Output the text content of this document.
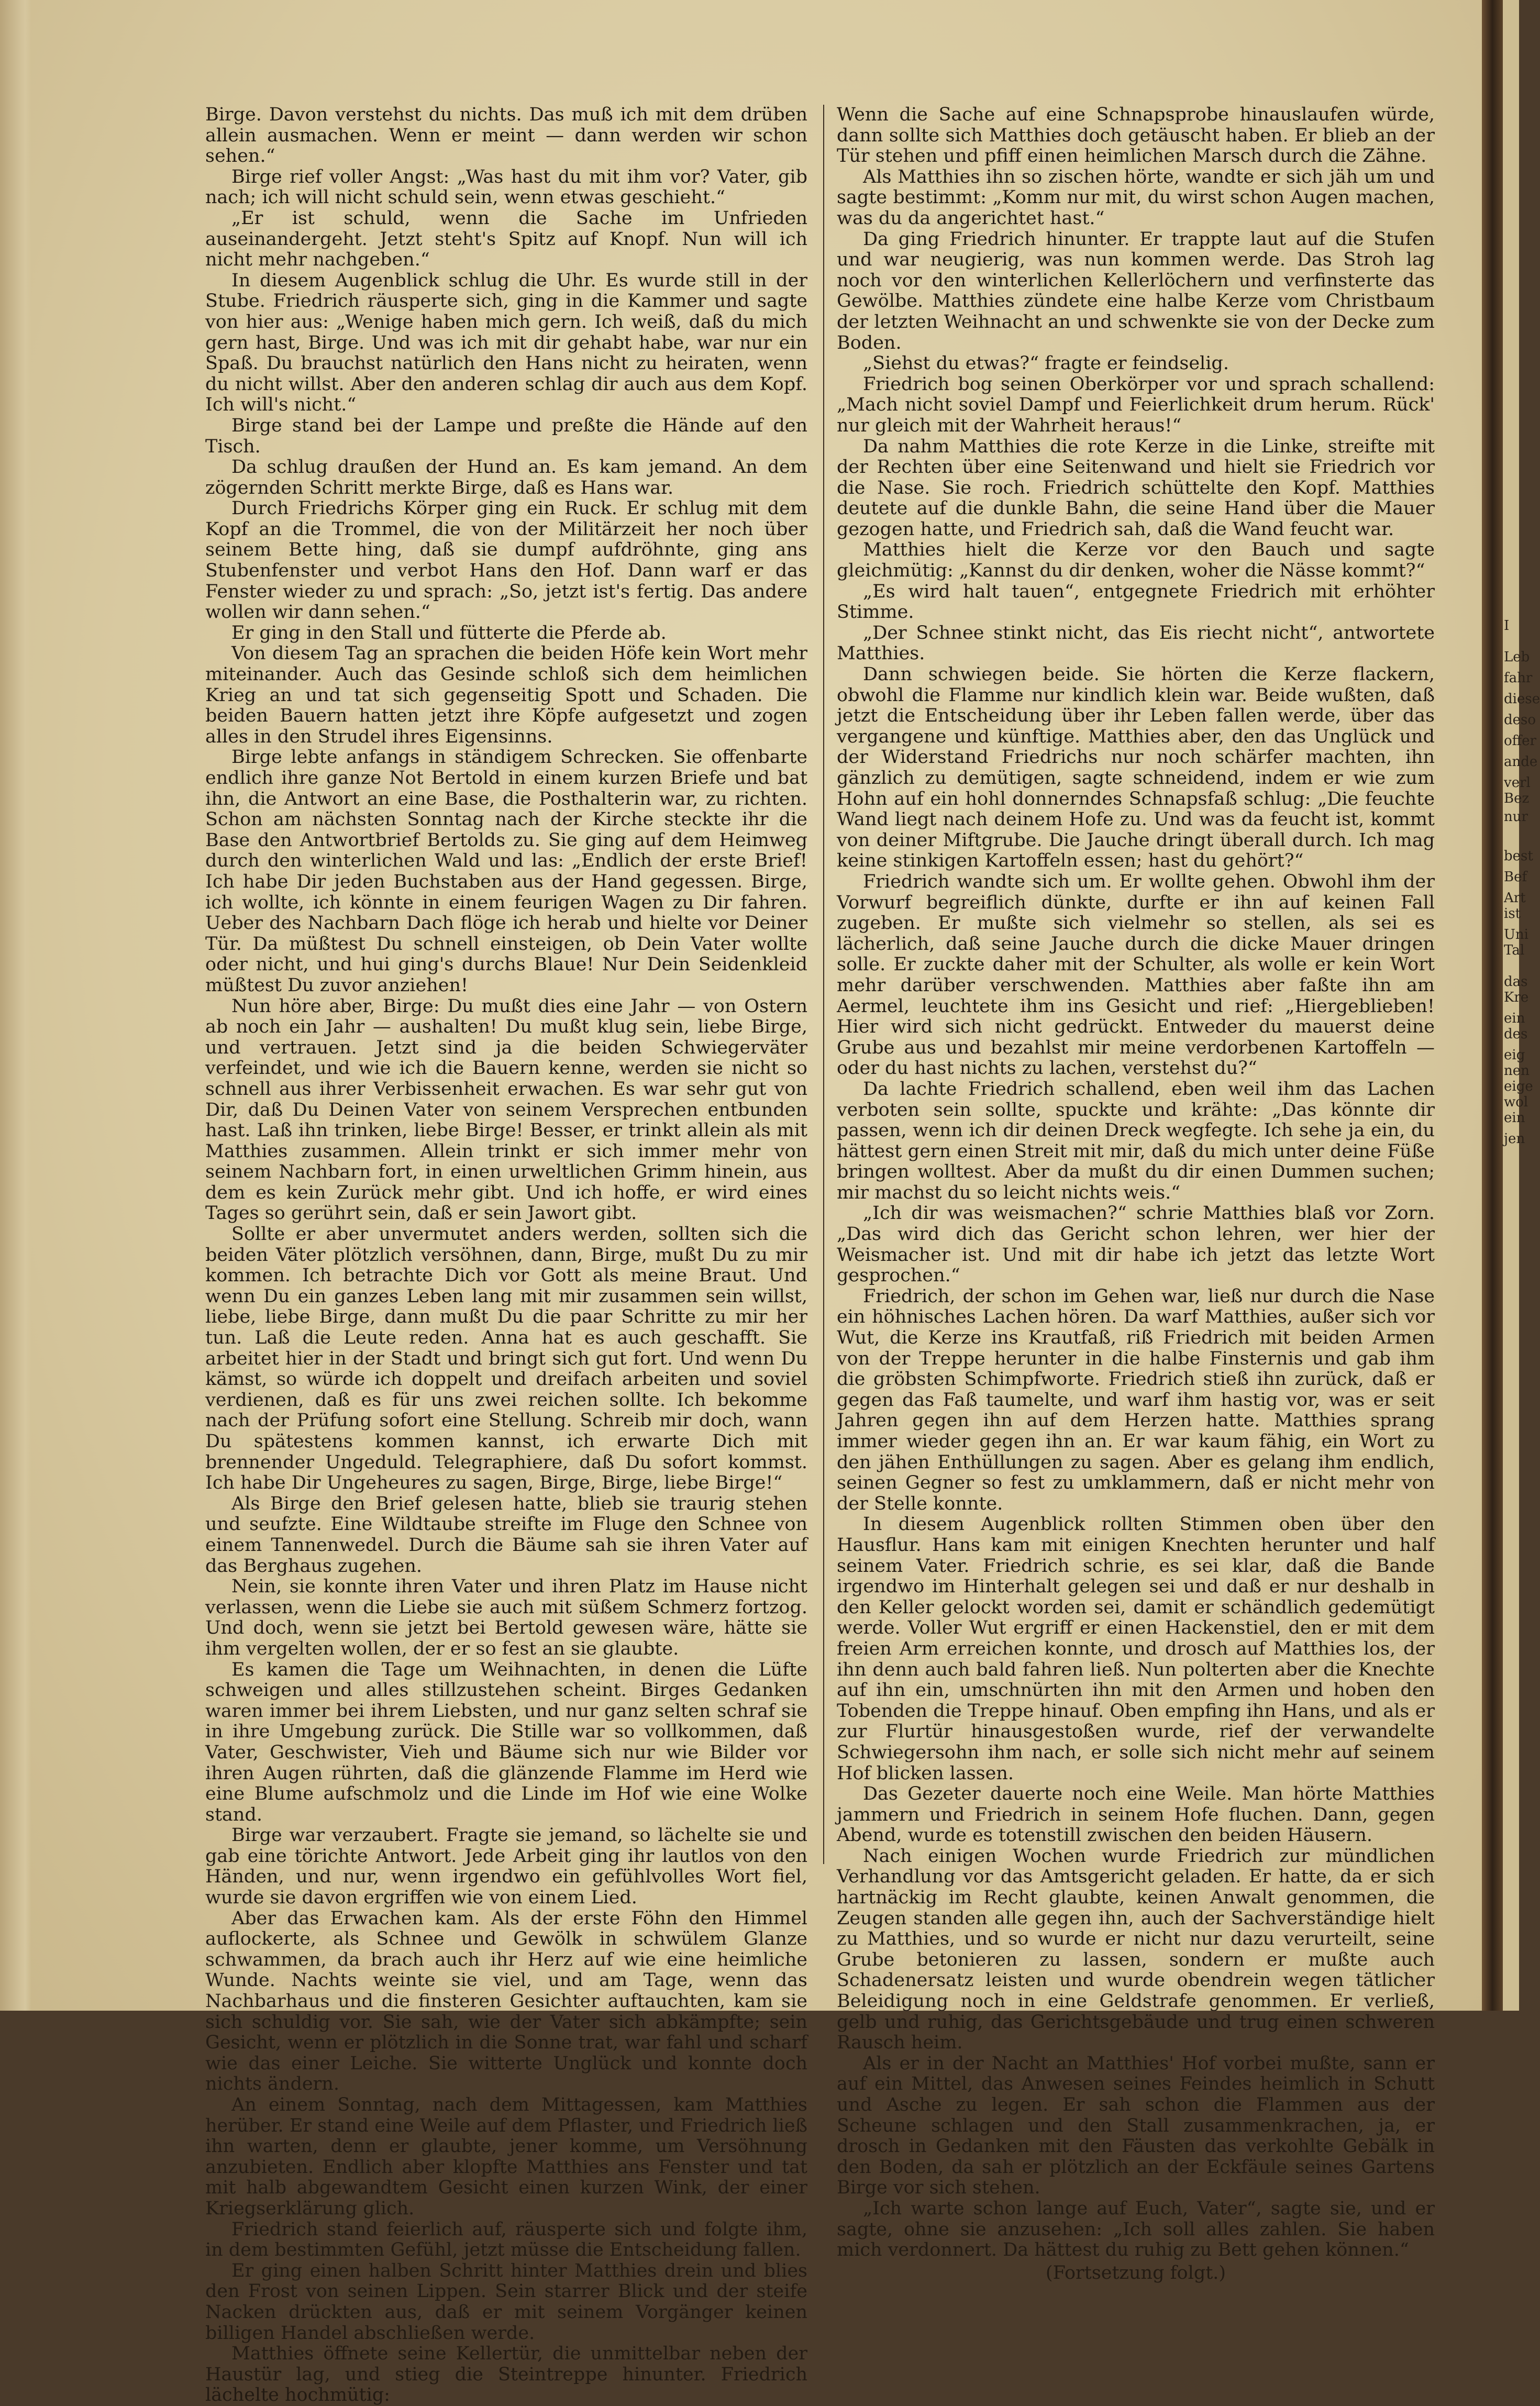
Birge. Davon verstehst du nichts. Das muß ich mit dem drüben allein ausmachen. Wenn er meint — dann werden wir schon sehen.“

Birge rief voller Angst: „Was hast du mit ihm vor? Vater, gib nach; ich will nicht schuld sein, wenn etwas geschieht.“

„Er ist schuld, wenn die Sache im Unfrieden auseinandergeht. Jetzt steht's Spitz auf Knopf. Nun will ich nicht mehr nachgeben.“

In diesem Augenblick schlug die Uhr. Es wurde still in der Stube. Friedrich räusperte sich, ging in die Kammer und sagte von hier aus: „Wenige haben mich gern. Ich weiß, daß du mich gern hast, Birge. Und was ich mit dir gehabt habe, war nur ein Spaß. Du brauchst natürlich den Hans nicht zu heiraten, wenn du nicht willst. Aber den anderen schlag dir auch aus dem Kopf. Ich will's nicht.“

Birge stand bei der Lampe und preßte die Hände auf den Tisch.

Da schlug draußen der Hund an. Es kam jemand. An dem zögernden Schritt merkte Birge, daß es Hans war.

Durch Friedrichs Körper ging ein Ruck. Er schlug mit dem Kopf an die Trommel, die von der Militärzeit her noch über seinem Bette hing, daß sie dumpf aufdröhnte, ging ans Stubenfenster und verbot Hans den Hof. Dann warf er das Fenster wieder zu und sprach: „So, jetzt ist's fertig. Das andere wollen wir dann sehen.“

Er ging in den Stall und fütterte die Pferde ab.

Von diesem Tag an sprachen die beiden Höfe kein Wort mehr miteinander. Auch das Gesinde schloß sich dem heimlichen Krieg an und tat sich gegenseitig Spott und Schaden. Die beiden Bauern hatten jetzt ihre Köpfe aufgesetzt und zogen alles in den Strudel ihres Eigensinns.

Birge lebte anfangs in ständigem Schrecken. Sie offenbarte endlich ihre ganze Not Bertold in einem kurzen Briefe und bat ihn, die Antwort an eine Base, die Posthalterin war, zu richten. Schon am nächsten Sonntag nach der Kirche steckte ihr die Base den Antwortbrief Bertolds zu. Sie ging auf dem Heimweg durch den winterlichen Wald und las: „Endlich der erste Brief! Ich habe Dir jeden Buchstaben aus der Hand gegessen. Birge, ich wollte, ich könnte in einem feurigen Wagen zu Dir fahren. Ueber des Nachbarn Dach flöge ich herab und hielte vor Deiner Tür. Da müßtest Du schnell einsteigen, ob Dein Vater wollte oder nicht, und hui ging's durchs Blaue! Nur Dein Seidenkleid müßtest Du zuvor anziehen!

Nun höre aber, Birge: Du mußt dies eine Jahr — von Ostern ab noch ein Jahr — aushalten! Du mußt klug sein, liebe Birge, und vertrauen. Jetzt sind ja die beiden Schwiegerväter verfeindet, und wie ich die Bauern kenne, werden sie nicht so schnell aus ihrer Verbissenheit erwachen. Es war sehr gut von Dir, daß Du Deinen Vater von seinem Versprechen entbunden hast. Laß ihn trinken, liebe Birge! Besser, er trinkt allein als mit Matthies zusammen. Allein trinkt er sich immer mehr von seinem Nachbarn fort, in einen urweltlichen Grimm hinein, aus dem es kein Zurück mehr gibt. Und ich hoffe, er wird eines Tages so gerührt sein, daß er sein Jawort gibt.

Sollte er aber unvermutet anders werden, sollten sich die beiden Väter plötzlich versöhnen, dann, Birge, mußt Du zu mir kommen. Ich betrachte Dich vor Gott als meine Braut. Und wenn Du ein ganzes Leben lang mit mir zusammen sein willst, liebe, liebe Birge, dann mußt Du die paar Schritte zu mir her tun. Laß die Leute reden. Anna hat es auch geschafft. Sie arbeitet hier in der Stadt und bringt sich gut fort. Und wenn Du kämst, so würde ich doppelt und dreifach arbeiten und soviel verdienen, daß es für uns zwei reichen sollte. Ich bekomme nach der Prüfung sofort eine Stellung. Schreib mir doch, wann Du spätestens kommen kannst, ich erwarte Dich mit brennender Ungeduld. Telegraphiere, daß Du sofort kommst. Ich habe Dir Ungeheures zu sagen, Birge, Birge, liebe Birge!“

Als Birge den Brief gelesen hatte, blieb sie traurig stehen und seufzte. Eine Wildtaube streifte im Fluge den Schnee von einem Tannenwedel. Durch die Bäume sah sie ihren Vater auf das Berghaus zugehen.

Nein, sie konnte ihren Vater und ihren Platz im Hause nicht verlassen, wenn die Liebe sie auch mit süßem Schmerz fortzog. Und doch, wenn sie jetzt bei Bertold gewesen wäre, hätte sie ihm vergelten wollen, der er so fest an sie glaubte.

Es kamen die Tage um Weihnachten, in denen die Lüfte schweigen und alles stillzustehen scheint. Birges Gedanken waren immer bei ihrem Liebsten, und nur ganz selten schraf sie in ihre Umgebung zurück. Die Stille war so vollkommen, daß Vater, Geschwister, Vieh und Bäume sich nur wie Bilder vor ihren Augen rührten, daß die glänzende Flamme im Herd wie eine Blume aufschmolz und die Linde im Hof wie eine Wolke stand.

Birge war verzaubert. Fragte sie jemand, so lächelte sie und gab eine törichte Antwort. Jede Arbeit ging ihr lautlos von den Händen, und nur, wenn irgendwo ein gefühlvolles Wort fiel, wurde sie davon ergriffen wie von einem Lied.

Aber das Erwachen kam. Als der erste Föhn den Himmel auflockerte, als Schnee und Gewölk in schwülem Glanze schwammen, da brach auch ihr Herz auf wie eine heimliche Wunde. Nachts weinte sie viel, und am Tage, wenn das Nachbarhaus und die finsteren Gesichter auftauchten, kam sie sich schuldig vor. Sie sah, wie der Vater sich abkämpfte; sein Gesicht, wenn er plötzlich in die Sonne trat, war fahl und scharf wie das einer Leiche. Sie witterte Unglück und konnte doch nichts ändern.

An einem Sonntag, nach dem Mittagessen, kam Matthies herüber. Er stand eine Weile auf dem Pflaster, und Friedrich ließ ihn warten, denn er glaubte, jener komme, um Versöhnung anzubieten. Endlich aber klopfte Matthies ans Fenster und tat mit halb abgewandtem Gesicht einen kurzen Wink, der einer Kriegserklärung glich.

Friedrich stand feierlich auf, räusperte sich und folgte ihm, in dem bestimmten Gefühl, jetzt müsse die Entscheidung fallen.

Er ging einen halben Schritt hinter Matthies drein und blies den Frost von seinen Lippen. Sein starrer Blick und der steife Nacken drückten aus, daß er mit seinem Vorgänger keinen billigen Handel abschließen werde.

Matthies öffnete seine Kellertür, die unmittelbar neben der Haustür lag, und stieg die Steintreppe hinunter. Friedrich lächelte hochmütig:

Wenn die Sache auf eine Schnapsprobe hinauslaufen würde, dann sollte sich Matthies doch getäuscht haben. Er blieb an der Tür stehen und pfiff einen heimlichen Marsch durch die Zähne.

Als Matthies ihn so zischen hörte, wandte er sich jäh um und sagte bestimmt: „Komm nur mit, du wirst schon Augen machen, was du da angerichtet hast.“

Da ging Friedrich hinunter. Er trappte laut auf die Stufen und war neugierig, was nun kommen werde. Das Stroh lag noch vor den winterlichen Kellerlöchern und verfinsterte das Gewölbe. Matthies zündete eine halbe Kerze vom Christbaum der letzten Weihnacht an und schwenkte sie von der Decke zum Boden.

„Siehst du etwas?“ fragte er feindselig.

Friedrich bog seinen Oberkörper vor und sprach schallend: „Mach nicht soviel Dampf und Feierlichkeit drum herum. Rück' nur gleich mit der Wahrheit heraus!“

Da nahm Matthies die rote Kerze in die Linke, streifte mit der Rechten über eine Seitenwand und hielt sie Friedrich vor die Nase. Sie roch. Friedrich schüttelte den Kopf. Matthies deutete auf die dunkle Bahn, die seine Hand über die Mauer gezogen hatte, und Friedrich sah, daß die Wand feucht war.

Matthies hielt die Kerze vor den Bauch und sagte gleichmütig: „Kannst du dir denken, woher die Nässe kommt?“

„Es wird halt tauen“, entgegnete Friedrich mit erhöhter Stimme.

„Der Schnee stinkt nicht, das Eis riecht nicht“, antwortete Matthies.

Dann schwiegen beide. Sie hörten die Kerze flackern, obwohl die Flamme nur kindlich klein war. Beide wußten, daß jetzt die Entscheidung über ihr Leben fallen werde, über das vergangene und künftige. Matthies aber, den das Unglück und der Widerstand Friedrichs nur noch schärfer machten, ihn gänzlich zu demütigen, sagte schneidend, indem er wie zum Hohn auf ein hohl donnerndes Schnapsfaß schlug: „Die feuchte Wand liegt nach deinem Hofe zu. Und was da feucht ist, kommt von deiner Miftgrube. Die Jauche dringt überall durch. Ich mag keine stinkigen Kartoffeln essen; hast du gehört?“

Friedrich wandte sich um. Er wollte gehen. Obwohl ihm der Vorwurf begreiflich dünkte, durfte er ihn auf keinen Fall zugeben. Er mußte sich vielmehr so stellen, als sei es lächerlich, daß seine Jauche durch die dicke Mauer dringen solle. Er zuckte daher mit der Schulter, als wolle er kein Wort mehr darüber verschwenden. Matthies aber faßte ihn am Aermel, leuchtete ihm ins Gesicht und rief: „Hiergeblieben! Hier wird sich nicht gedrückt. Entweder du mauerst deine Grube aus und bezahlst mir meine verdorbenen Kartoffeln — oder du hast nichts zu lachen, verstehst du?“

Da lachte Friedrich schallend, eben weil ihm das Lachen verboten sein sollte, spuckte und krähte: „Das könnte dir passen, wenn ich dir deinen Dreck wegfegte. Ich sehe ja ein, du hättest gern einen Streit mit mir, daß du mich unter deine Füße bringen wolltest. Aber da mußt du dir einen Dummen suchen; mir machst du so leicht nichts weis.“

„Ich dir was weismachen?“ schrie Matthies blaß vor Zorn. „Das wird dich das Gericht schon lehren, wer hier der Weismacher ist. Und mit dir habe ich jetzt das letzte Wort gesprochen.“

Friedrich, der schon im Gehen war, ließ nur durch die Nase ein höhnisches Lachen hören. Da warf Matthies, außer sich vor Wut, die Kerze ins Krautfaß, riß Friedrich mit beiden Armen von der Treppe herunter in die halbe Finsternis und gab ihm die gröbsten Schimpfworte. Friedrich stieß ihn zurück, daß er gegen das Faß taumelte, und warf ihm hastig vor, was er seit Jahren gegen ihn auf dem Herzen hatte. Matthies sprang immer wieder gegen ihn an. Er war kaum fähig, ein Wort zu den jähen Enthüllungen zu sagen. Aber es gelang ihm endlich, seinen Gegner so fest zu umklammern, daß er nicht mehr von der Stelle konnte.

In diesem Augenblick rollten Stimmen oben über den Hausflur. Hans kam mit einigen Knechten herunter und half seinem Vater. Friedrich schrie, es sei klar, daß die Bande irgendwo im Hinterhalt gelegen sei und daß er nur deshalb in den Keller gelockt worden sei, damit er schändlich gedemütigt werde. Voller Wut ergriff er einen Hackenstiel, den er mit dem freien Arm erreichen konnte, und drosch auf Matthies los, der ihn denn auch bald fahren ließ. Nun polterten aber die Knechte auf ihn ein, umschnürten ihn mit den Armen und hoben den Tobenden die Treppe hinauf. Oben empfing ihn Hans, und als er zur Flurtür hinausgestoßen wurde, rief der verwandelte Schwiegersohn ihm nach, er solle sich nicht mehr auf seinem Hof blicken lassen.

Das Gezeter dauerte noch eine Weile. Man hörte Matthies jammern und Friedrich in seinem Hofe fluchen. Dann, gegen Abend, wurde es totenstill zwischen den beiden Häusern.

Nach einigen Wochen wurde Friedrich zur mündlichen Verhandlung vor das Amtsgericht geladen. Er hatte, da er sich hartnäckig im Recht glaubte, keinen Anwalt genommen, die Zeugen standen alle gegen ihn, auch der Sachverständige hielt zu Matthies, und so wurde er nicht nur dazu verurteilt, seine Grube betonieren zu lassen, sondern er mußte auch Schadenersatz leisten und wurde obendrein wegen tätlicher Beleidigung noch in eine Geldstrafe genommen. Er verließ, gelb und ruhig, das Gerichtsgebäude und trug einen schweren Rausch heim.

Als er in der Nacht an Matthies' Hof vorbei mußte, sann er auf ein Mittel, das Anwesen seines Feindes heimlich in Schutt und Asche zu legen. Er sah schon die Flammen aus der Scheune schlagen und den Stall zusammenkrachen, ja, er drosch in Gedanken mit den Fäusten das verkohlte Gebälk in den Boden, da sah er plötzlich an der Eckfäule seines Gartens Birge vor sich stehen.

„Ich warte schon lange auf Euch, Vater“, sagte sie, und er sagte, ohne sie anzusehen: „Ich soll alles zahlen. Sie haben mich verdonnert. Da hättest du ruhig zu Bett gehen können.“

(Fortsetzung folgt.)

I
Leb
fahr
diese
deso
offer
ande
verl
Bez
nur
best
Bef
Art
ist
Uni
Tal
das
Kre
ein
des
eig
nen
eige
wol
ein
jen
